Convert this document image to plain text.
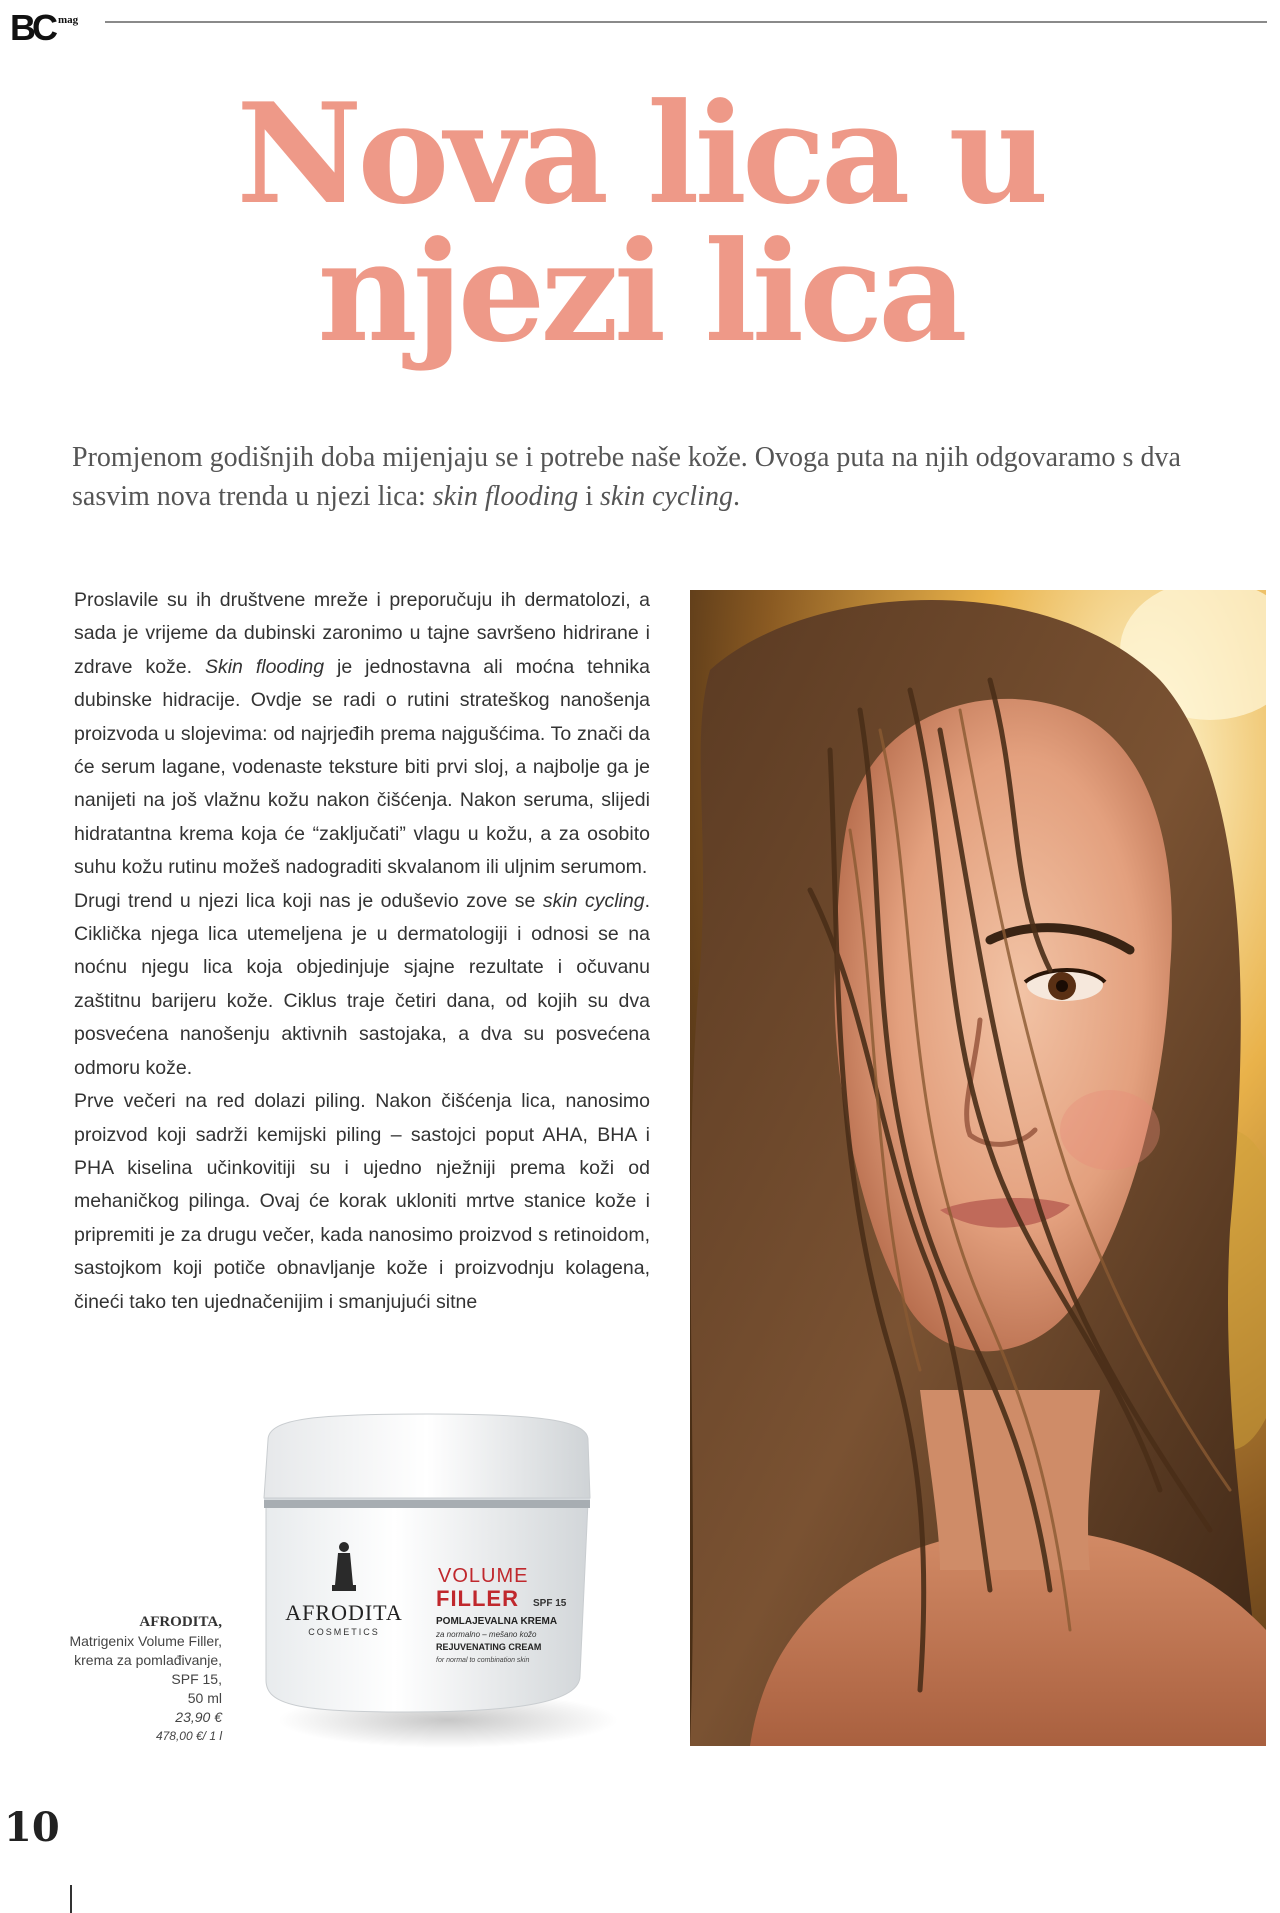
BC mag
Nova lica u
njezi lica

Promjenom godišnjih doba mijenjaju se i potrebe naše kože. Ovoga puta na njih odgovaramo s dva sasvim nova trenda u njezi lica: skin flooding i skin cycling.

Proslavile su ih društvene mreže i preporučuju ih dermatolozi, a sada je vrijeme da dubinski zaronimo u tajne savršeno hidrirane i zdrave kože. Skin flooding je jednostavna ali moćna tehnika dubinske hidracije. Ovdje se radi o rutini strateškog nanošenja proizvoda u slojevima: od najrjeđih prema najgušćima. To znači da će serum lagane, vodenaste teksture biti prvi sloj, a najbolje ga je nanijeti na još vlažnu kožu nakon čišćenja. Nakon seruma, slijedi hidratantna krema koja će “zaključati” vlagu u kožu, a za osobito suhu kožu rutinu možeš nadograditi skvalanom ili uljnim serumom.

Drugi trend u njezi lica koji nas je oduševio zove se skin cycling. Ciklička njega lica utemeljena je u dermatologiji i odnosi se na noćnu njegu lica koja objedinjuje sjajne rezultate i očuvanu zaštitnu barijeru kože. Ciklus traje četiri dana, od kojih su dva posvećena nanošenju aktivnih sastojaka, a dva su posvećena odmoru kože.

Prve večeri na red dolazi piling. Nakon čišćenja lica, nanosimo proizvod koji sadrži kemijski piling – sastojci poput AHA, BHA i PHA kiselina učinkovitiji su i ujedno nježniji prema koži od mehaničkog pilinga. Ovaj će korak ukloniti mrtve stanice kože i pripremiti je za drugu večer, kada nanosimo proizvod s retinoidom, sastojkom koji potiče obnavljanje kože i proizvodnju kolagena, čineći tako ten ujednačenijim i smanjujući sitne

AFRODITA
COSMETICS
VOLUME
FILLER SPF 15
POMLAJEVALNA KREMA
za normalno – mešano kožo
REJUVENATING CREAM
for normal to combination skin
AFRODITA,
Matrigenix Volume Filler,
krema za pomlađivanje,
SPF 15,
50 ml
23,90 €
478,00 €/ 1 l
10
